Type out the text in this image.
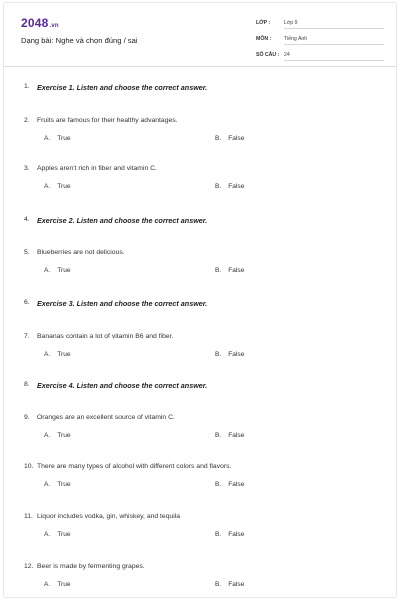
2048.vn
Dạng bài: Nghe và chọn đúng / sai
LỚP :	Lớp 9
MÔN : Tiếng Anh
SỐ CÂU : 24
1. Exercise 1. Listen and choose the correct answer.
2. Fruits are famous for their healthy advantages.
A. True	B. False
3. Apples aren't rich in fiber and vitamin C.
A. True	B. False
4. Exercise 2. Listen and choose the correct answer.
5. Blueberries are not delicious.
A. True	B. False
6. Exercise 3. Listen and choose the correct answer.
7. Bananas contain a lot of vitamin B6 and fiber.
A. True	B. False
8. Exercise 4. Listen and choose the correct answer.
9. Oranges are an excellent source of vitamin C.
A. True	B. False
10. There are many types of alcohol with different colors and flavors.
A. True	B. False
11. Liquor includes vodka, gin, whiskey, and tequila
A. True	B. False
12. Beer is made by fermenting grapes.
A. True	B. False
